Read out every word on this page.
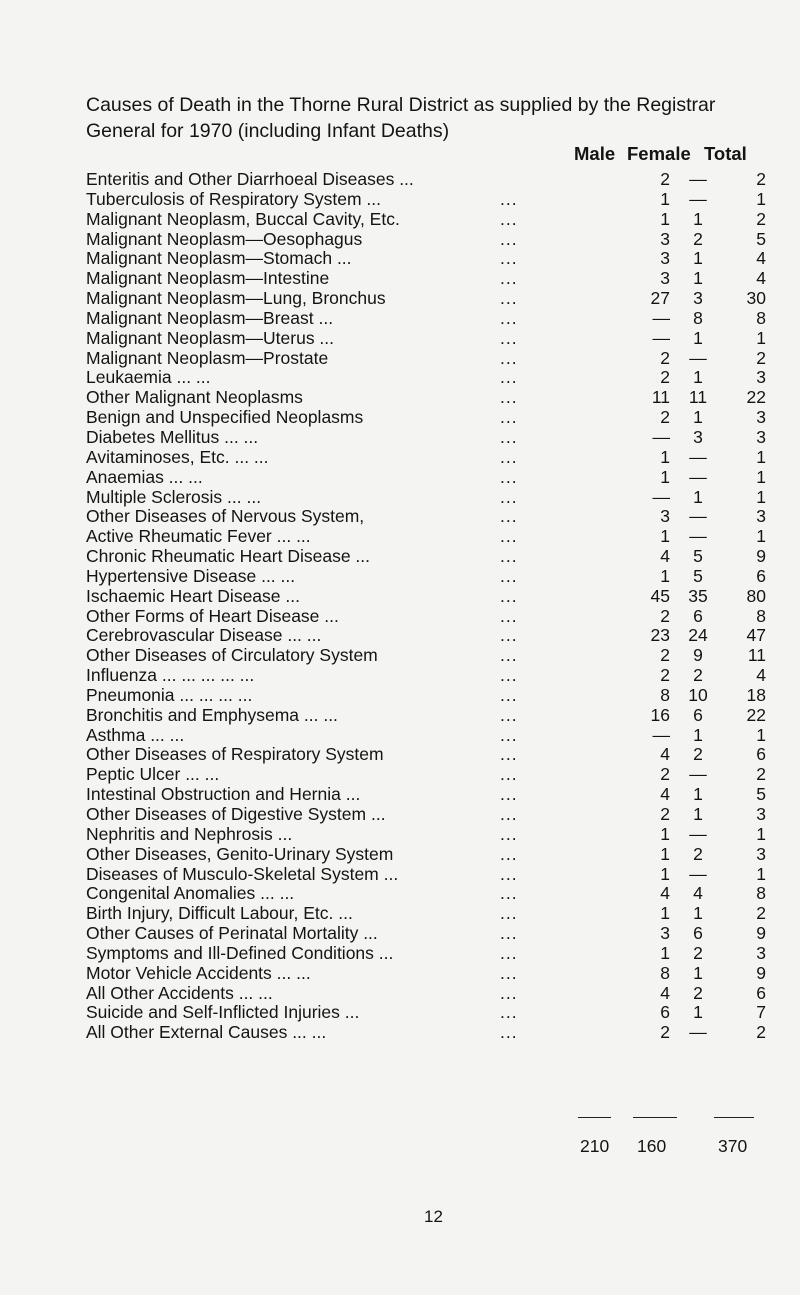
Causes of Death in the Thorne Rural District as supplied by the Registrar
General for 1970 (including Infant Deaths)
Male Female Total
Enteritis and Other Diarrhoeal Diseases ...	2	—	2
Tuberculosis of Respiratory System ...	...	1	—	1
Malignant Neoplasm, Buccal Cavity, Etc.	...	1	1	2
Malignant Neoplasm—Oesophagus	...	3	2	5
Malignant Neoplasm—Stomach ...	...	3	1	4
Malignant Neoplasm—Intestine	...	3	1	4
Malignant Neoplasm—Lung, Bronchus	...	27	3	30
Malignant Neoplasm—Breast ...	...	—	8	8
Malignant Neoplasm—Uterus ...	...	—	1	1
Malignant Neoplasm—Prostate	...	2	—	2
Leukaemia ... ...	...	2	1	3
Other Malignant Neoplasms	...	11	11	22
Benign and Unspecified Neoplasms	...	2	1	3
Diabetes Mellitus ... ...	...	—	3	3
Avitaminoses, Etc. ... ...	...	1	—	1
Anaemias ... ...	...	1	—	1
Multiple Sclerosis ... ...	...	—	1	1
Other Diseases of Nervous System,	...	3	—	3
Active Rheumatic Fever ... ...	...	1	—	1
Chronic Rheumatic Heart Disease ...	...	4	5	9
Hypertensive Disease ... ...	...	1	5	6
Ischaemic Heart Disease ...	...	45	35	80
Other Forms of Heart Disease ...	...	2	6	8
Cerebrovascular Disease ... ...	...	23	24	47
Other Diseases of Circulatory System	...	2	9	11
Influenza ... ... ... ... ...	...	2	2	4
Pneumonia ... ... ... ...	...	8	10	18
Bronchitis and Emphysema ... ...	...	16	6	22
Asthma ... ...	...	—	1	1
Other Diseases of Respiratory System	...	4	2	6
Peptic Ulcer ... ...	...	2	—	2
Intestinal Obstruction and Hernia ...	...	4	1	5
Other Diseases of Digestive System ...	...	2	1	3
Nephritis and Nephrosis ...	...	1	—	1
Other Diseases, Genito-Urinary System	...	1	2	3
Diseases of Musculo-Skeletal System ...	...	1	—	1
Congenital Anomalies ... ...	...	4	4	8
Birth Injury, Difficult Labour, Etc. ...	...	1	1	2
Other Causes of Perinatal Mortality ...	...	3	6	9
Symptoms and Ill-Defined Conditions ...	...	1	2	3
Motor Vehicle Accidents ... ...	...	8	1	9
All Other Accidents ... ...	...	4	2	6
Suicide and Self-Inflicted Injuries ...	...	6	1	7
All Other External Causes ... ...	...	2	—	2
210 160	370
12
